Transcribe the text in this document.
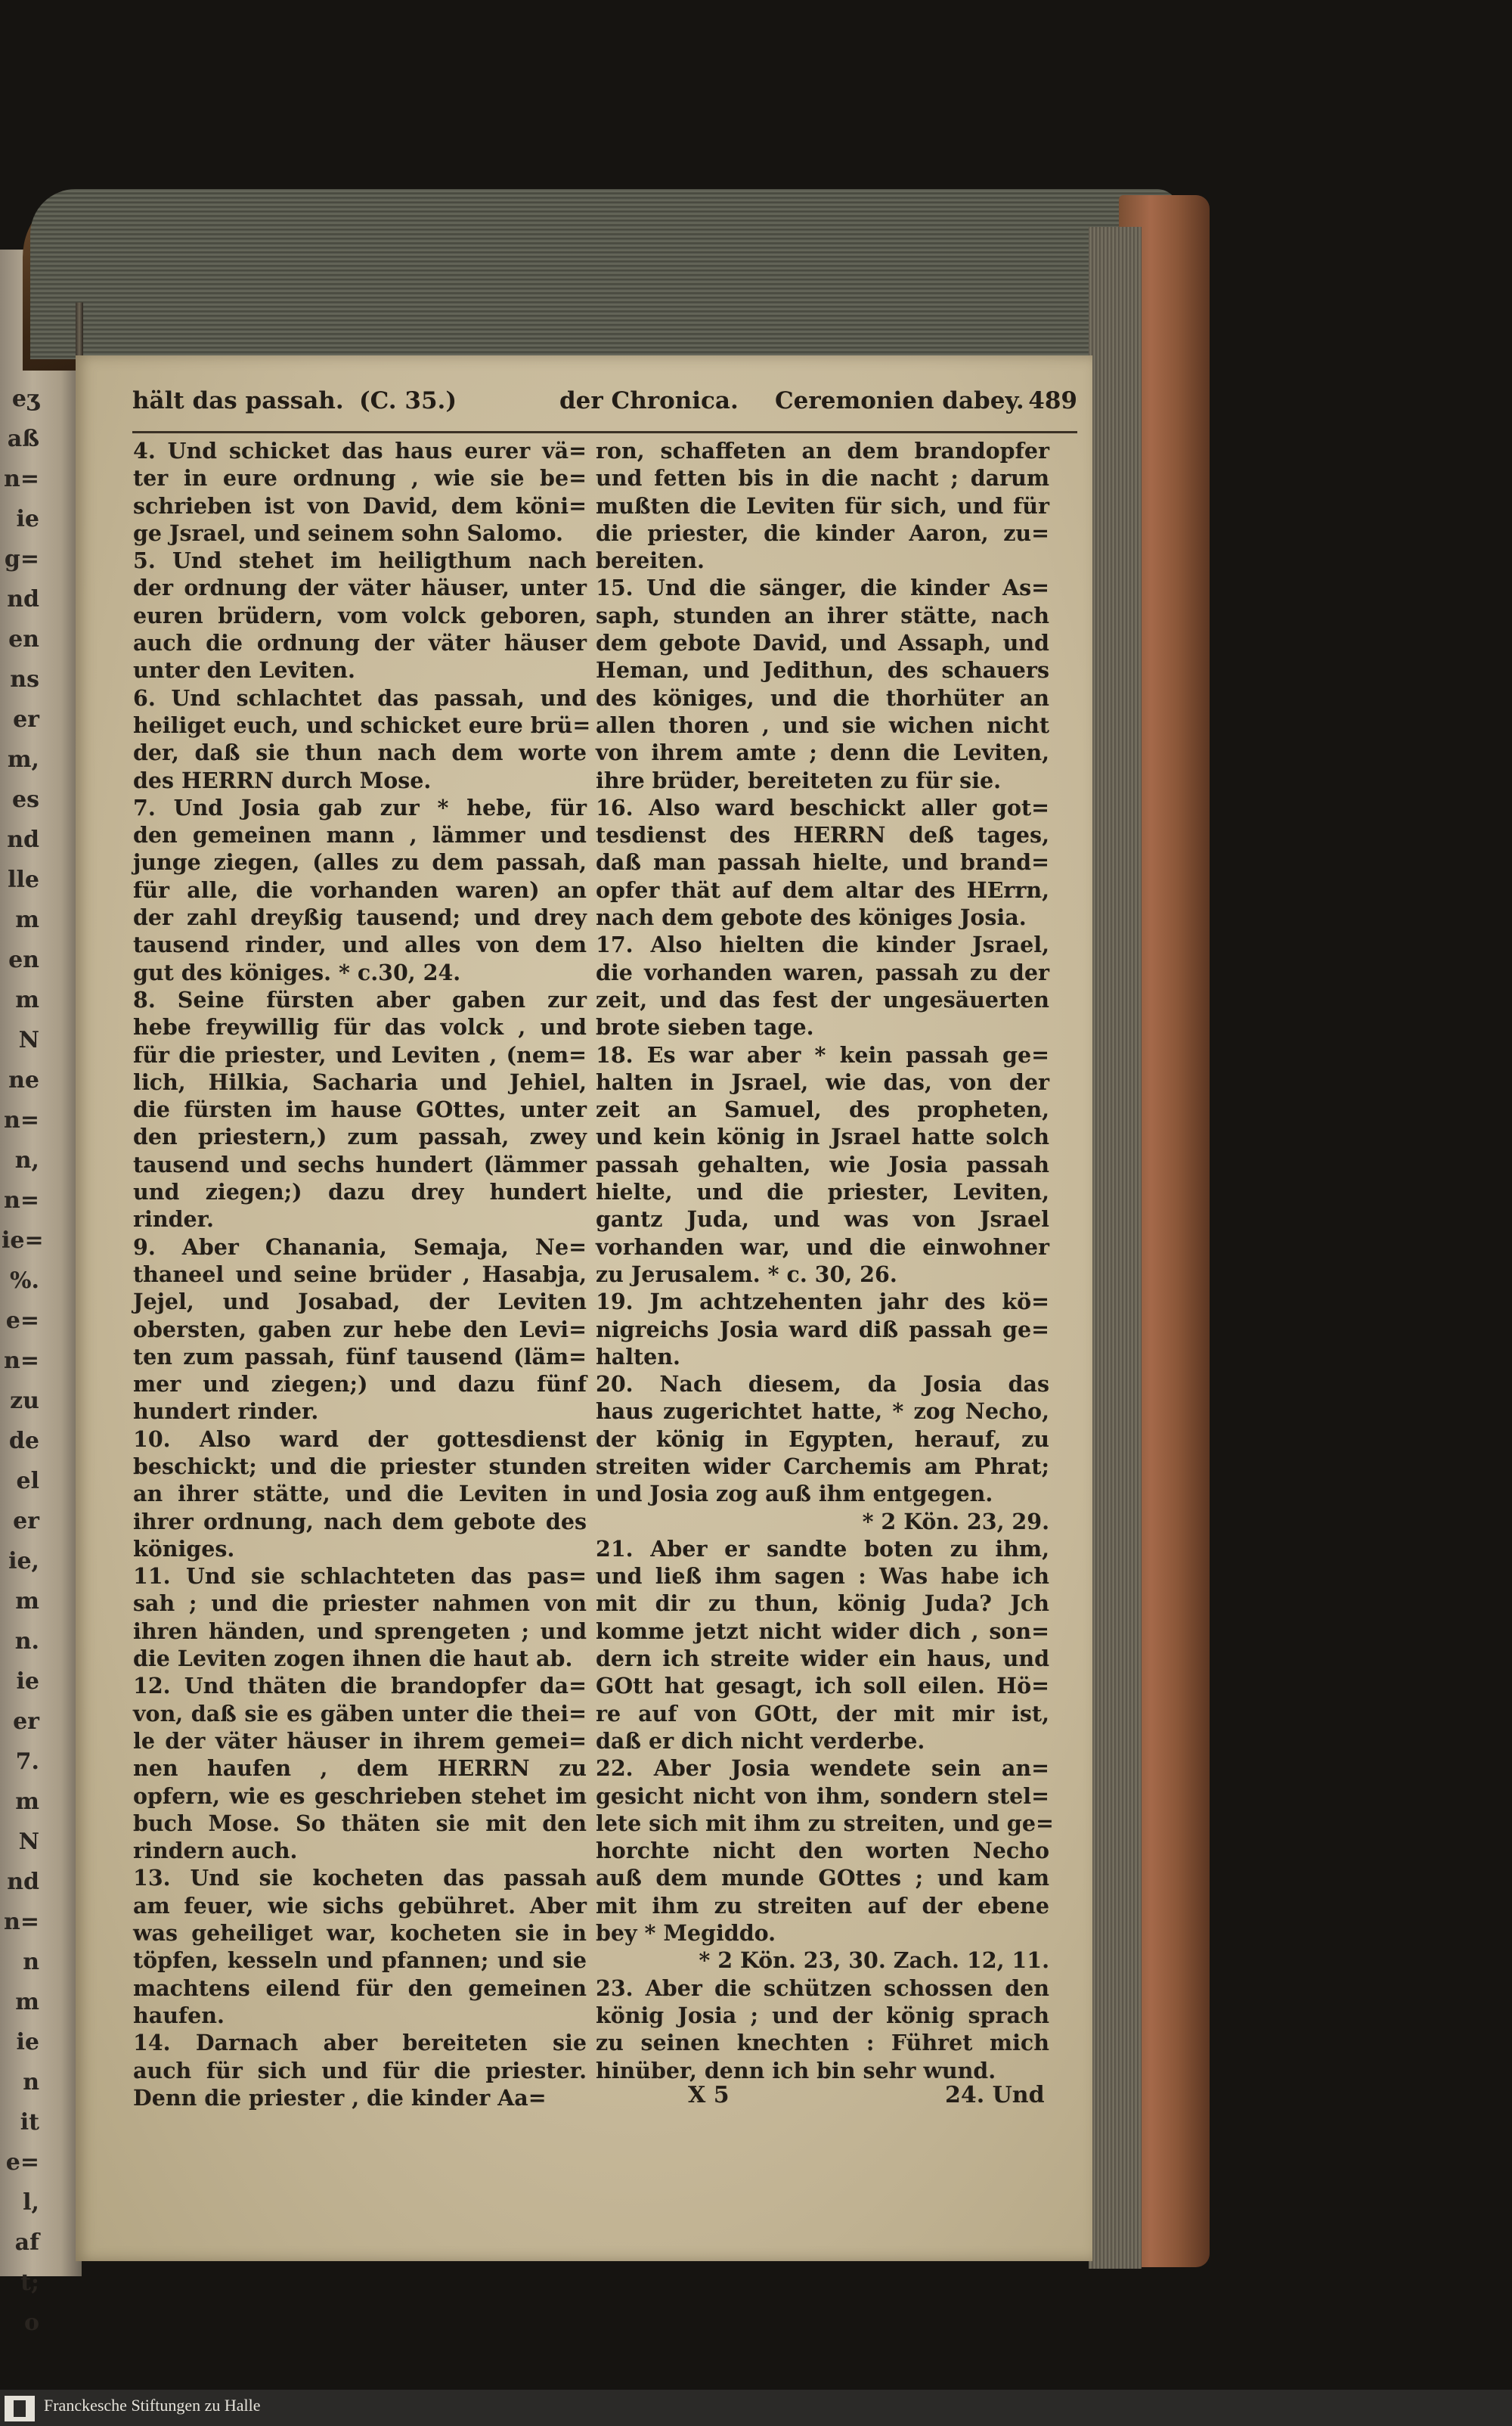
eʒ
aß
n=
ie
g=
nd
en
ns
er
m,
es
nd
lle
m
en
m
N
ne
n=
n,
n=
ie=
%.
e=
n=
zu
de
el
er
ie,
m
n.
ie
er
7.
m
N
nd
n=
n
m
ie
n
it
e=
l,
af
t;
o
hält das passah. (C. 35.)	der Chronica. Ceremonien dabey. 489
4. Und schicket das haus eurer vä=
ter in eure ordnung , wie sie be=
schrieben ist von David, dem köni=
ge Jsrael, und seinem sohn Salomo.
5. Und stehet im heiligthum nach
der ordnung der väter häuser, unter
euren brüdern, vom volck geboren,
auch die ordnung der väter häuser
unter den Leviten.
6. Und schlachtet das passah, und
heiliget euch, und schicket eure brü=
der, daß sie thun nach dem worte
des HERRN durch Mose.
7. Und Josia gab zur * hebe, für
den gemeinen mann , lämmer und
junge ziegen, (alles zu dem passah,
für alle, die vorhanden waren) an
der zahl dreyßig tausend; und drey
tausend rinder, und alles von dem
gut des königes. * c.30, 24.
8. Seine fürsten aber gaben zur
hebe freywillig für das volck , und
für die priester, und Leviten , (nem=
lich, Hilkia, Sacharia und Jehiel,
die fürsten im hause GOttes, unter
den priestern,) zum passah, zwey
tausend und sechs hundert (lämmer
und ziegen;) dazu drey hundert
rinder.
9. Aber Chanania, Semaja, Ne=
thaneel und seine brüder , Hasabja,
Jejel, und Josabad, der Leviten
obersten, gaben zur hebe den Levi=
ten zum passah, fünf tausend (läm=
mer und ziegen;) und dazu fünf
hundert rinder.
10. Also ward der gottesdienst
beschickt; und die priester stunden
an ihrer stätte, und die Leviten in
ihrer ordnung, nach dem gebote des
königes.
11. Und sie schlachteten das pas=
sah ; und die priester nahmen von
ihren händen, und sprengeten ; und
die Leviten zogen ihnen die haut ab.
12. Und thäten die brandopfer da=
von, daß sie es gäben unter die thei=
le der väter häuser in ihrem gemei=
nen haufen , dem HERRN zu
opfern, wie es geschrieben stehet im
buch Mose. So thäten sie mit den
rindern auch.
13. Und sie kocheten das passah
am feuer, wie sichs gebühret. Aber
was geheiliget war, kocheten sie in
töpfen, kesseln und pfannen; und sie
machtens eilend für den gemeinen
haufen.
14. Darnach aber bereiteten sie
auch für sich und für die priester.
Denn die priester , die kinder Aa=
ron, schaffeten an dem brandopfer
und fetten bis in die nacht ; darum
mußten die Leviten für sich, und für
die priester, die kinder Aaron, zu=
bereiten.
15. Und die sänger, die kinder As=
saph, stunden an ihrer stätte, nach
dem gebote David, und Assaph, und
Heman, und Jedithun, des schauers
des königes, und die thorhüter an
allen thoren , und sie wichen nicht
von ihrem amte ; denn die Leviten,
ihre brüder, bereiteten zu für sie.
16. Also ward beschickt aller got=
tesdienst des HERRN deß tages,
daß man passah hielte, und brand=
opfer thät auf dem altar des HErrn,
nach dem gebote des königes Josia.
17. Also hielten die kinder Jsrael,
die vorhanden waren, passah zu der
zeit, und das fest der ungesäuerten
brote sieben tage.
18. Es war aber * kein passah ge=
halten in Jsrael, wie das, von der
zeit an Samuel, des propheten,
und kein könig in Jsrael hatte solch
passah gehalten, wie Josia passah
hielte, und die priester, Leviten,
gantz Juda, und was von Jsrael
vorhanden war, und die einwohner
zu Jerusalem. * c. 30, 26.
19. Jm achtzehenten jahr des kö=
nigreichs Josia ward diß passah ge=
halten.
20. Nach diesem, da Josia das
haus zugerichtet hatte, * zog Necho,
der könig in Egypten, herauf, zu
streiten wider Carchemis am Phrat;
und Josia zog auß ihm entgegen.
* 2 Kön. 23, 29.
21. Aber er sandte boten zu ihm,
und ließ ihm sagen : Was habe ich
mit dir zu thun, könig Juda? Jch
komme jetzt nicht wider dich , son=
dern ich streite wider ein haus, und
GOtt hat gesagt, ich soll eilen. Hö=
re auf von GOtt, der mit mir ist,
daß er dich nicht verderbe.
22. Aber Josia wendete sein an=
gesicht nicht von ihm, sondern stel=
lete sich mit ihm zu streiten, und ge=
horchte nicht den worten Necho
auß dem munde GOttes ; und kam
mit ihm zu streiten auf der ebene
bey * Megiddo.
* 2 Kön. 23, 30. Zach. 12, 11.
23. Aber die schützen schossen den
könig Josia ; und der könig sprach
zu seinen knechten : Führet mich
hinüber, denn ich bin sehr wund.
X 5	24. Und
Franckesche Stiftungen zu Halle
